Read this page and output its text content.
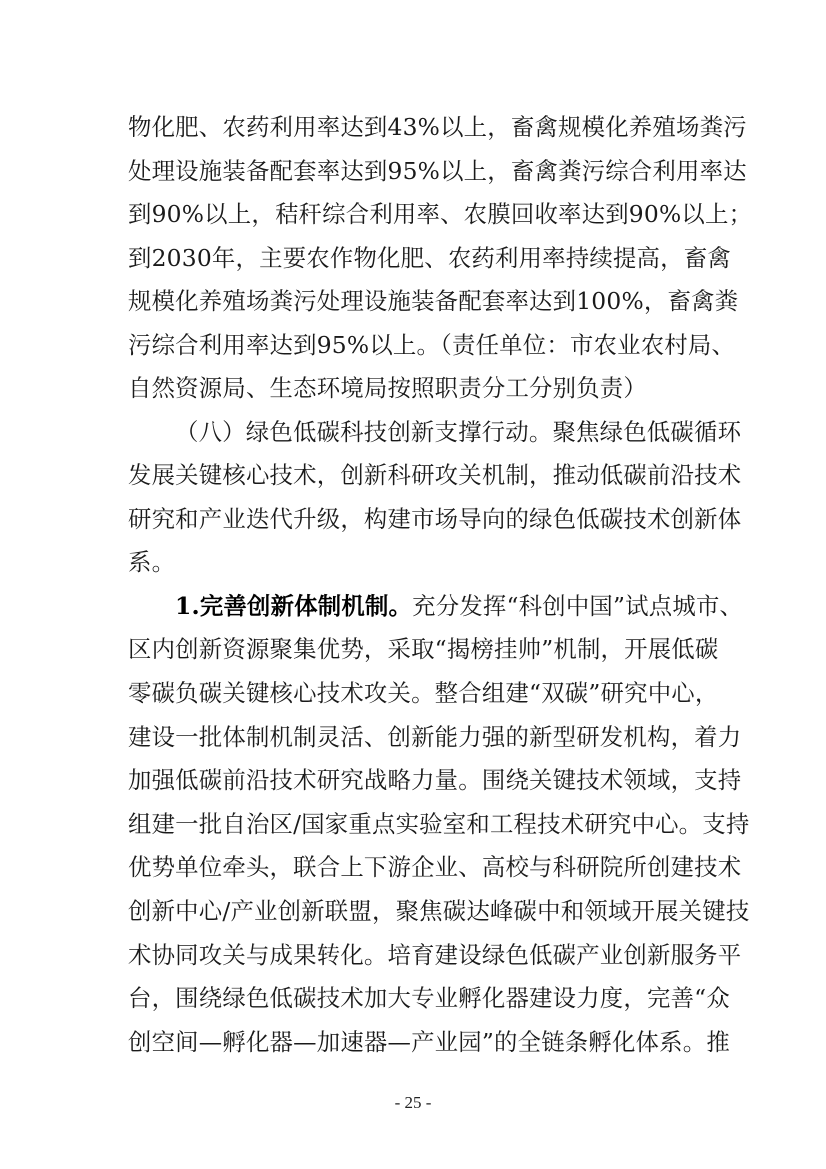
物化肥、农药利用率达到43%以上，畜禽规模化养殖场粪污
处理设施装备配套率达到95%以上，畜禽粪污综合利用率达
到90%以上，秸秆综合利用率、农膜回收率达到90%以上；
到2030年，主要农作物化肥、农药利用率持续提高，畜禽
规模化养殖场粪污处理设施装备配套率达到100%，畜禽粪
污综合利用率达到95%以上。（责任单位：市农业农村局、
自然资源局、生态环境局按照职责分工分别负责）
（八）绿色低碳科技创新支撑行动。聚焦绿色低碳循环
发展关键核心技术，创新科研攻关机制，推动低碳前沿技术
研究和产业迭代升级，构建市场导向的绿色低碳技术创新体
系。
1.完善创新体制机制。充分发挥“科创中国”试点城市、
区内创新资源聚集优势，采取“揭榜挂帅”机制，开展低碳
零碳负碳关键核心技术攻关。整合组建“双碳”研究中心，
建设一批体制机制灵活、创新能力强的新型研发机构，着力
加强低碳前沿技术研究战略力量。围绕关键技术领域，支持
组建一批自治区/国家重点实验室和工程技术研究中心。支持
优势单位牵头，联合上下游企业、高校与科研院所创建技术
创新中心/产业创新联盟，聚焦碳达峰碳中和领域开展关键技
术协同攻关与成果转化。培育建设绿色低碳产业创新服务平
台，围绕绿色低碳技术加大专业孵化器建设力度，完善“众
创空间—孵化器—加速器—产业园”的全链条孵化体系。推
- 25 -
